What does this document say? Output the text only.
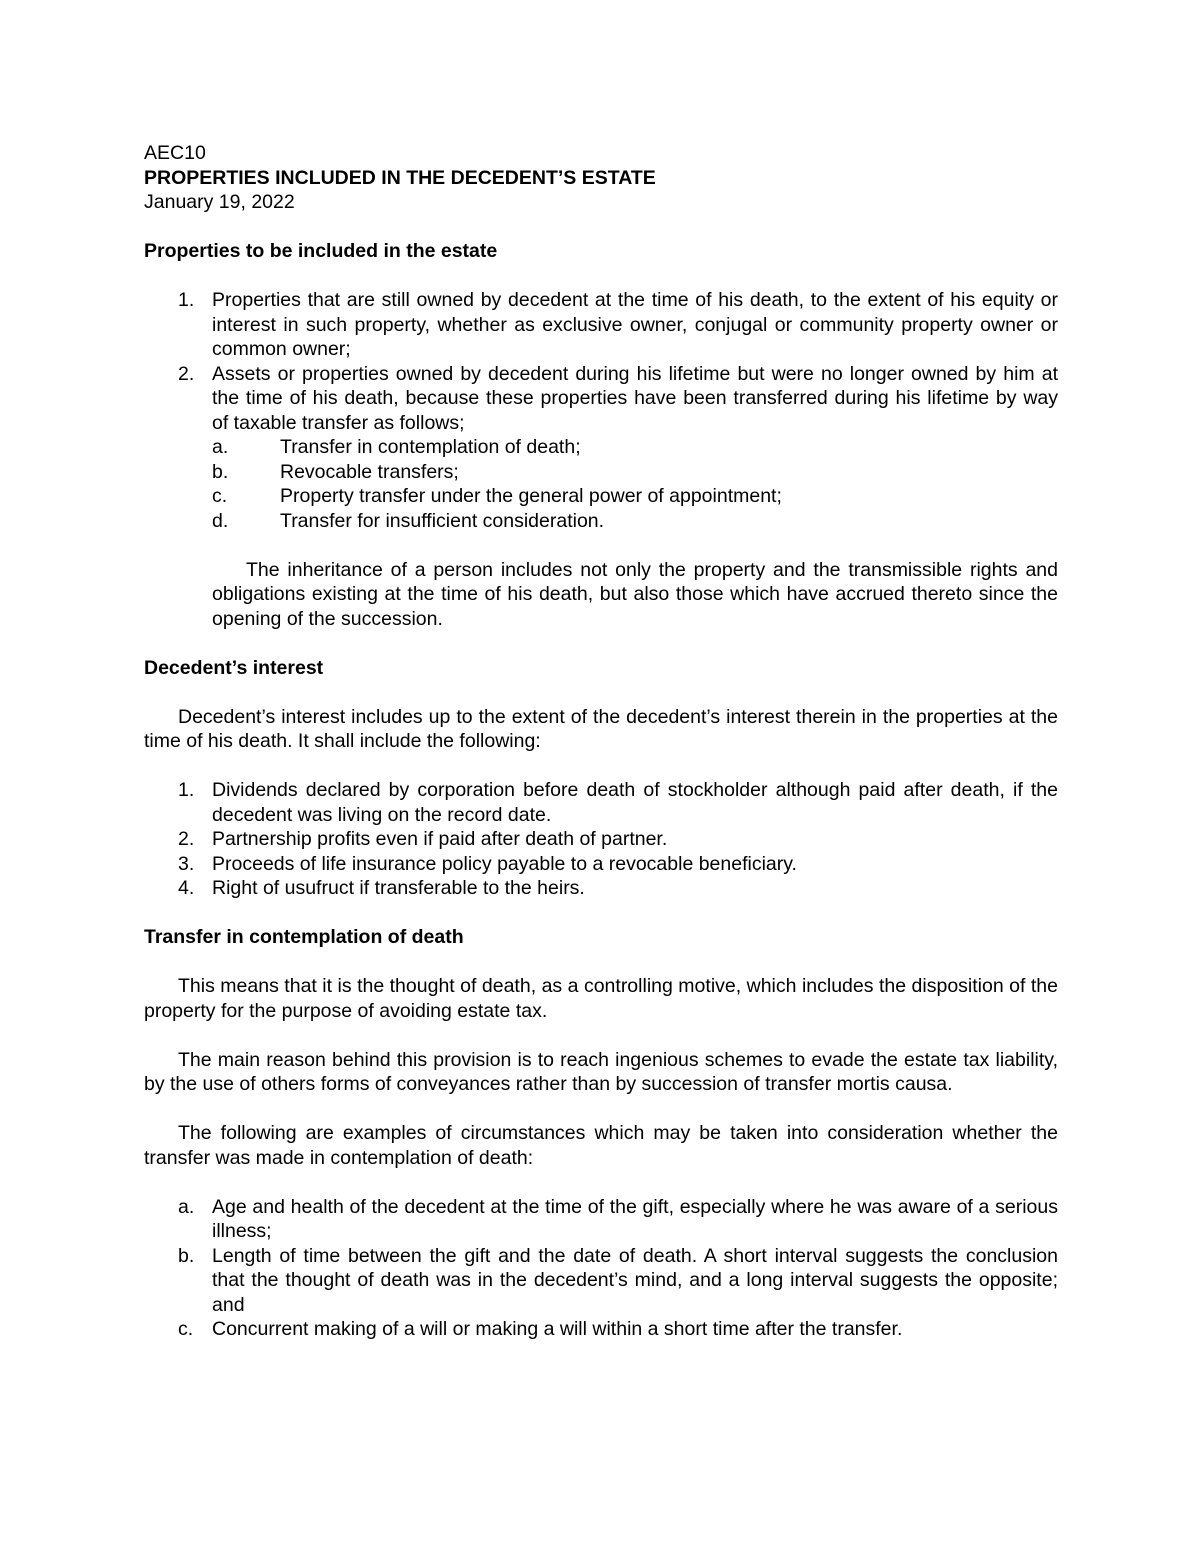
AEC10

PROPERTIES INCLUDED IN THE DECEDENT’S ESTATE

January 19, 2022

Properties to be included in the estate

1. Properties that are still owned by decedent at the time of his death, to the extent of his equity or interest in such property, whether as exclusive owner, conjugal or community property owner or common owner;
2. Assets or properties owned by decedent during his lifetime but were no longer owned by him at the time of his death, because these properties have been transferred during his lifetime by way of taxable transfer as follows;
a.	Transfer in contemplation of death;
b.	Revocable transfers;
c.	Property transfer under the general power of appointment;
d.	Transfer for insufficient consideration.

The inheritance of a person includes not only the property and the transmissible rights and obligations existing at the time of his death, but also those which have accrued thereto since the opening of the succession.

Decedent’s interest

Decedent’s interest includes up to the extent of the decedent’s interest therein in the properties at the time of his death. It shall include the following:

1. Dividends declared by corporation before death of stockholder although paid after death, if the decedent was living on the record date.
2. Partnership profits even if paid after death of partner.
3. Proceeds of life insurance policy payable to a revocable beneficiary.
4. Right of usufruct if transferable to the heirs.

Transfer in contemplation of death

This means that it is the thought of death, as a controlling motive, which includes the disposition of the property for the purpose of avoiding estate tax.

The main reason behind this provision is to reach ingenious schemes to evade the estate tax liability, by the use of others forms of conveyances rather than by succession of transfer mortis causa.

The following are examples of circumstances which may be taken into consideration whether the transfer was made in contemplation of death:

a. Age and health of the decedent at the time of the gift, especially where he was aware of a serious illness;
b. Length of time between the gift and the date of death. A short interval suggests the conclusion that the thought of death was in the decedent’s mind, and a long interval suggests the opposite; and
c. Concurrent making of a will or making a will within a short time after the transfer.
